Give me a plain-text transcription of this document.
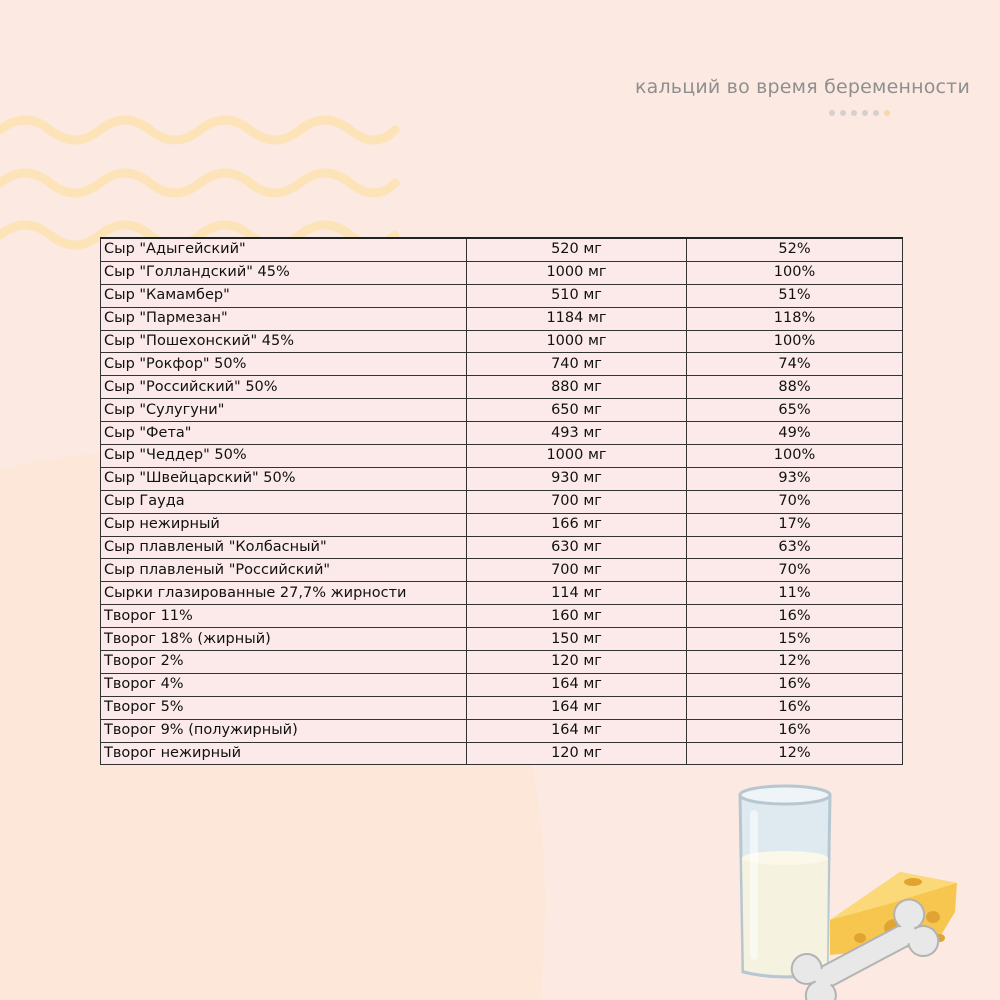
кальций во время беременности
Сыр "Адыгейский"	520 мг	52%
Сыр "Голландский" 45%	1000 мг	100%
Сыр "Камамбер"	510 мг	51%
Сыр "Пармезан"	1184 мг	118%
Сыр "Пошехонский" 45%	1000 мг	100%
Сыр "Рокфор" 50%	740 мг	74%
Сыр "Российский" 50%	880 мг	88%
Сыр "Сулугуни"	650 мг	65%
Сыр "Фета"	493 мг	49%
Сыр "Чеддер" 50%	1000 мг	100%
Сыр "Швейцарский" 50%	930 мг	93%
Сыр Гауда	700 мг	70%
Сыр нежирный	166 мг	17%
Сыр плавленый "Колбасный"	630 мг	63%
Сыр плавленый "Российский"	700 мг	70%
Сырки глазированные 27,7% жирности	114 мг	11%
Творог 11%	160 мг	16%
Творог 18% (жирный)	150 мг	15%
Творог 2%	120 мг	12%
Творог 4%	164 мг	16%
Творог 5%	164 мг	16%
Творог 9% (полужирный)	164 мг	16%
Творог нежирный	120 мг	12%
